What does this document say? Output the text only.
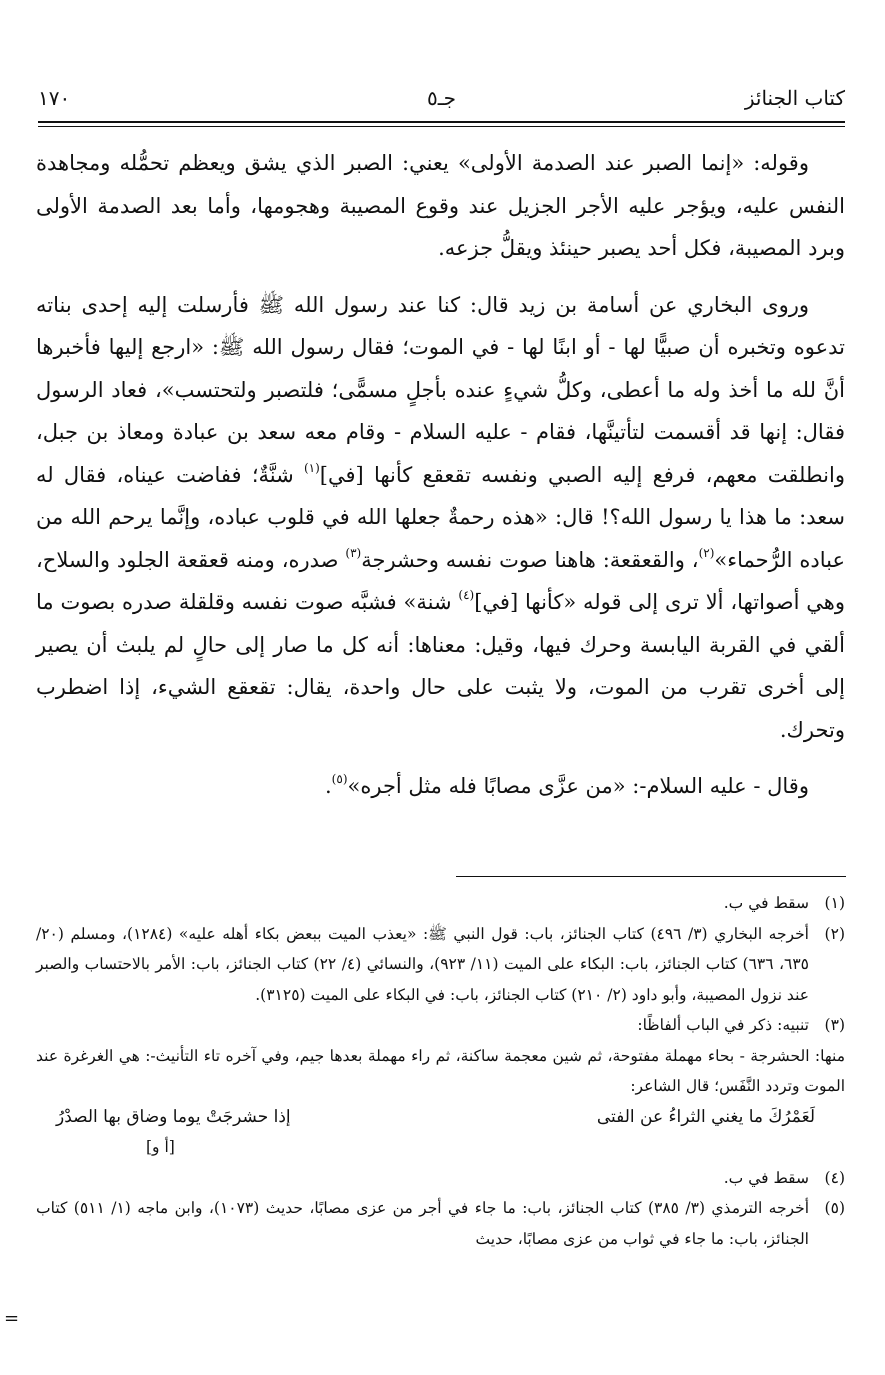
كتاب الجنائز
جـ٥
١٧٠

وقوله: «إنما الصبر عند الصدمة الأولى» يعني: الصبر الذي يشق ويعظم تحمُّله ومجاهدة النفس عليه، ويؤجر عليه الأجر الجزيل عند وقوع المصيبة وهجومها، وأما بعد الصدمة الأولى وبرد المصيبة، فكل أحد يصبر حينئذ ويقلُّ جزعه.

وروى البخاري عن أسامة بن زيد قال: كنا عند رسول الله ﷺ فأرسلت إليه إحدى بناته تدعوه وتخبره أن صبيًّا لها - أو ابنًا لها - في الموت؛ فقال رسول الله ﷺ: «ارجع إليها فأخبرها أنَّ لله ما أخذ وله ما أعطى، وكلُّ شيءٍ عنده بأجلٍ مسمًّى؛ فلتصبر ولتحتسب»، فعاد الرسول فقال: إنها قد أقسمت لتأتينَّها، فقام - عليه السلام - وقام معه سعد بن عبادة ومعاذ بن جبل، وانطلقت معهم، فرفع إليه الصبي ونفسه تقعقع كأنها [في]$^{(١)}$ شنَّةٌ؛ ففاضت عيناه، فقال له سعد: ما هذا يا رسول الله؟! قال: «هذه رحمةٌ جعلها الله في قلوب عباده، وإنَّما يرحم الله من عباده الرُّحماء»$^{(٢)}$، والقعقعة: هاهنا صوت نفسه وحشرجة$^{(٣)}$ صدره، ومنه قعقعة الجلود والسلاح، وهي أصواتها، ألا ترى إلى قوله «كأنها [في]$^{(٤)}$ شنة» فشبَّه صوت نفسه وقلقلة صدره بصوت ما ألقي في القربة اليابسة وحرك فيها، وقيل: معناها: أنه كل ما صار إلى حالٍ لم يلبث أن يصير إلى أخرى تقرب من الموت، ولا يثبت على حال واحدة، يقال: تقعقع الشيء، إذا اضطرب وتحرك.

وقال - عليه السلام-: «من عزَّى مصابًا فله مثل أجره»$^{(٥)}$.

(١)
سقط في ب.
(٢)
أخرجه البخاري (٣/ ٤٩٦) كتاب الجنائز، باب: قول النبي ﷺ: «يعذب الميت ببعض بكاء أهله عليه» (١٢٨٤)، ومسلم (٢٠/ ٦٣٥، ٦٣٦) كتاب الجنائز، باب: البكاء على الميت (١١/ ٩٢٣)، والنسائي (٤/ ٢٢) كتاب الجنائز، باب: الأمر بالاحتساب والصبر عند نزول المصيبة، وأبو داود (٢/ ٢١٠) كتاب الجنائز، باب: في البكاء على الميت (٣١٢٥).
(٣)
تنبيه: ذكر في الباب ألفاظًا:

منها: الحشرجة - بحاء مهملة مفتوحة، ثم شين معجمة ساكنة، ثم راء مهملة بعدها جيم، وفي آخره تاء التأنيث-: هي الغرغرة عند الموت وتردد النَّفَس؛ قال الشاعر:

لَعَمْرُكَ ما يغني الثراءُ عن الفتى
إذا حشرجَتْ يوما وضاق بها الصدْرُ
[أ و]
(٤)
سقط في ب.
(٥)
أخرجه الترمذي (٣/ ٣٨٥) كتاب الجنائز، باب: ما جاء في أجر من عزى مصابًا، حديث (١٠٧٣)، وابن ماجه (١/ ٥١١) كتاب الجنائز، باب: ما جاء في ثواب من عزى مصابًا، حديث
=
